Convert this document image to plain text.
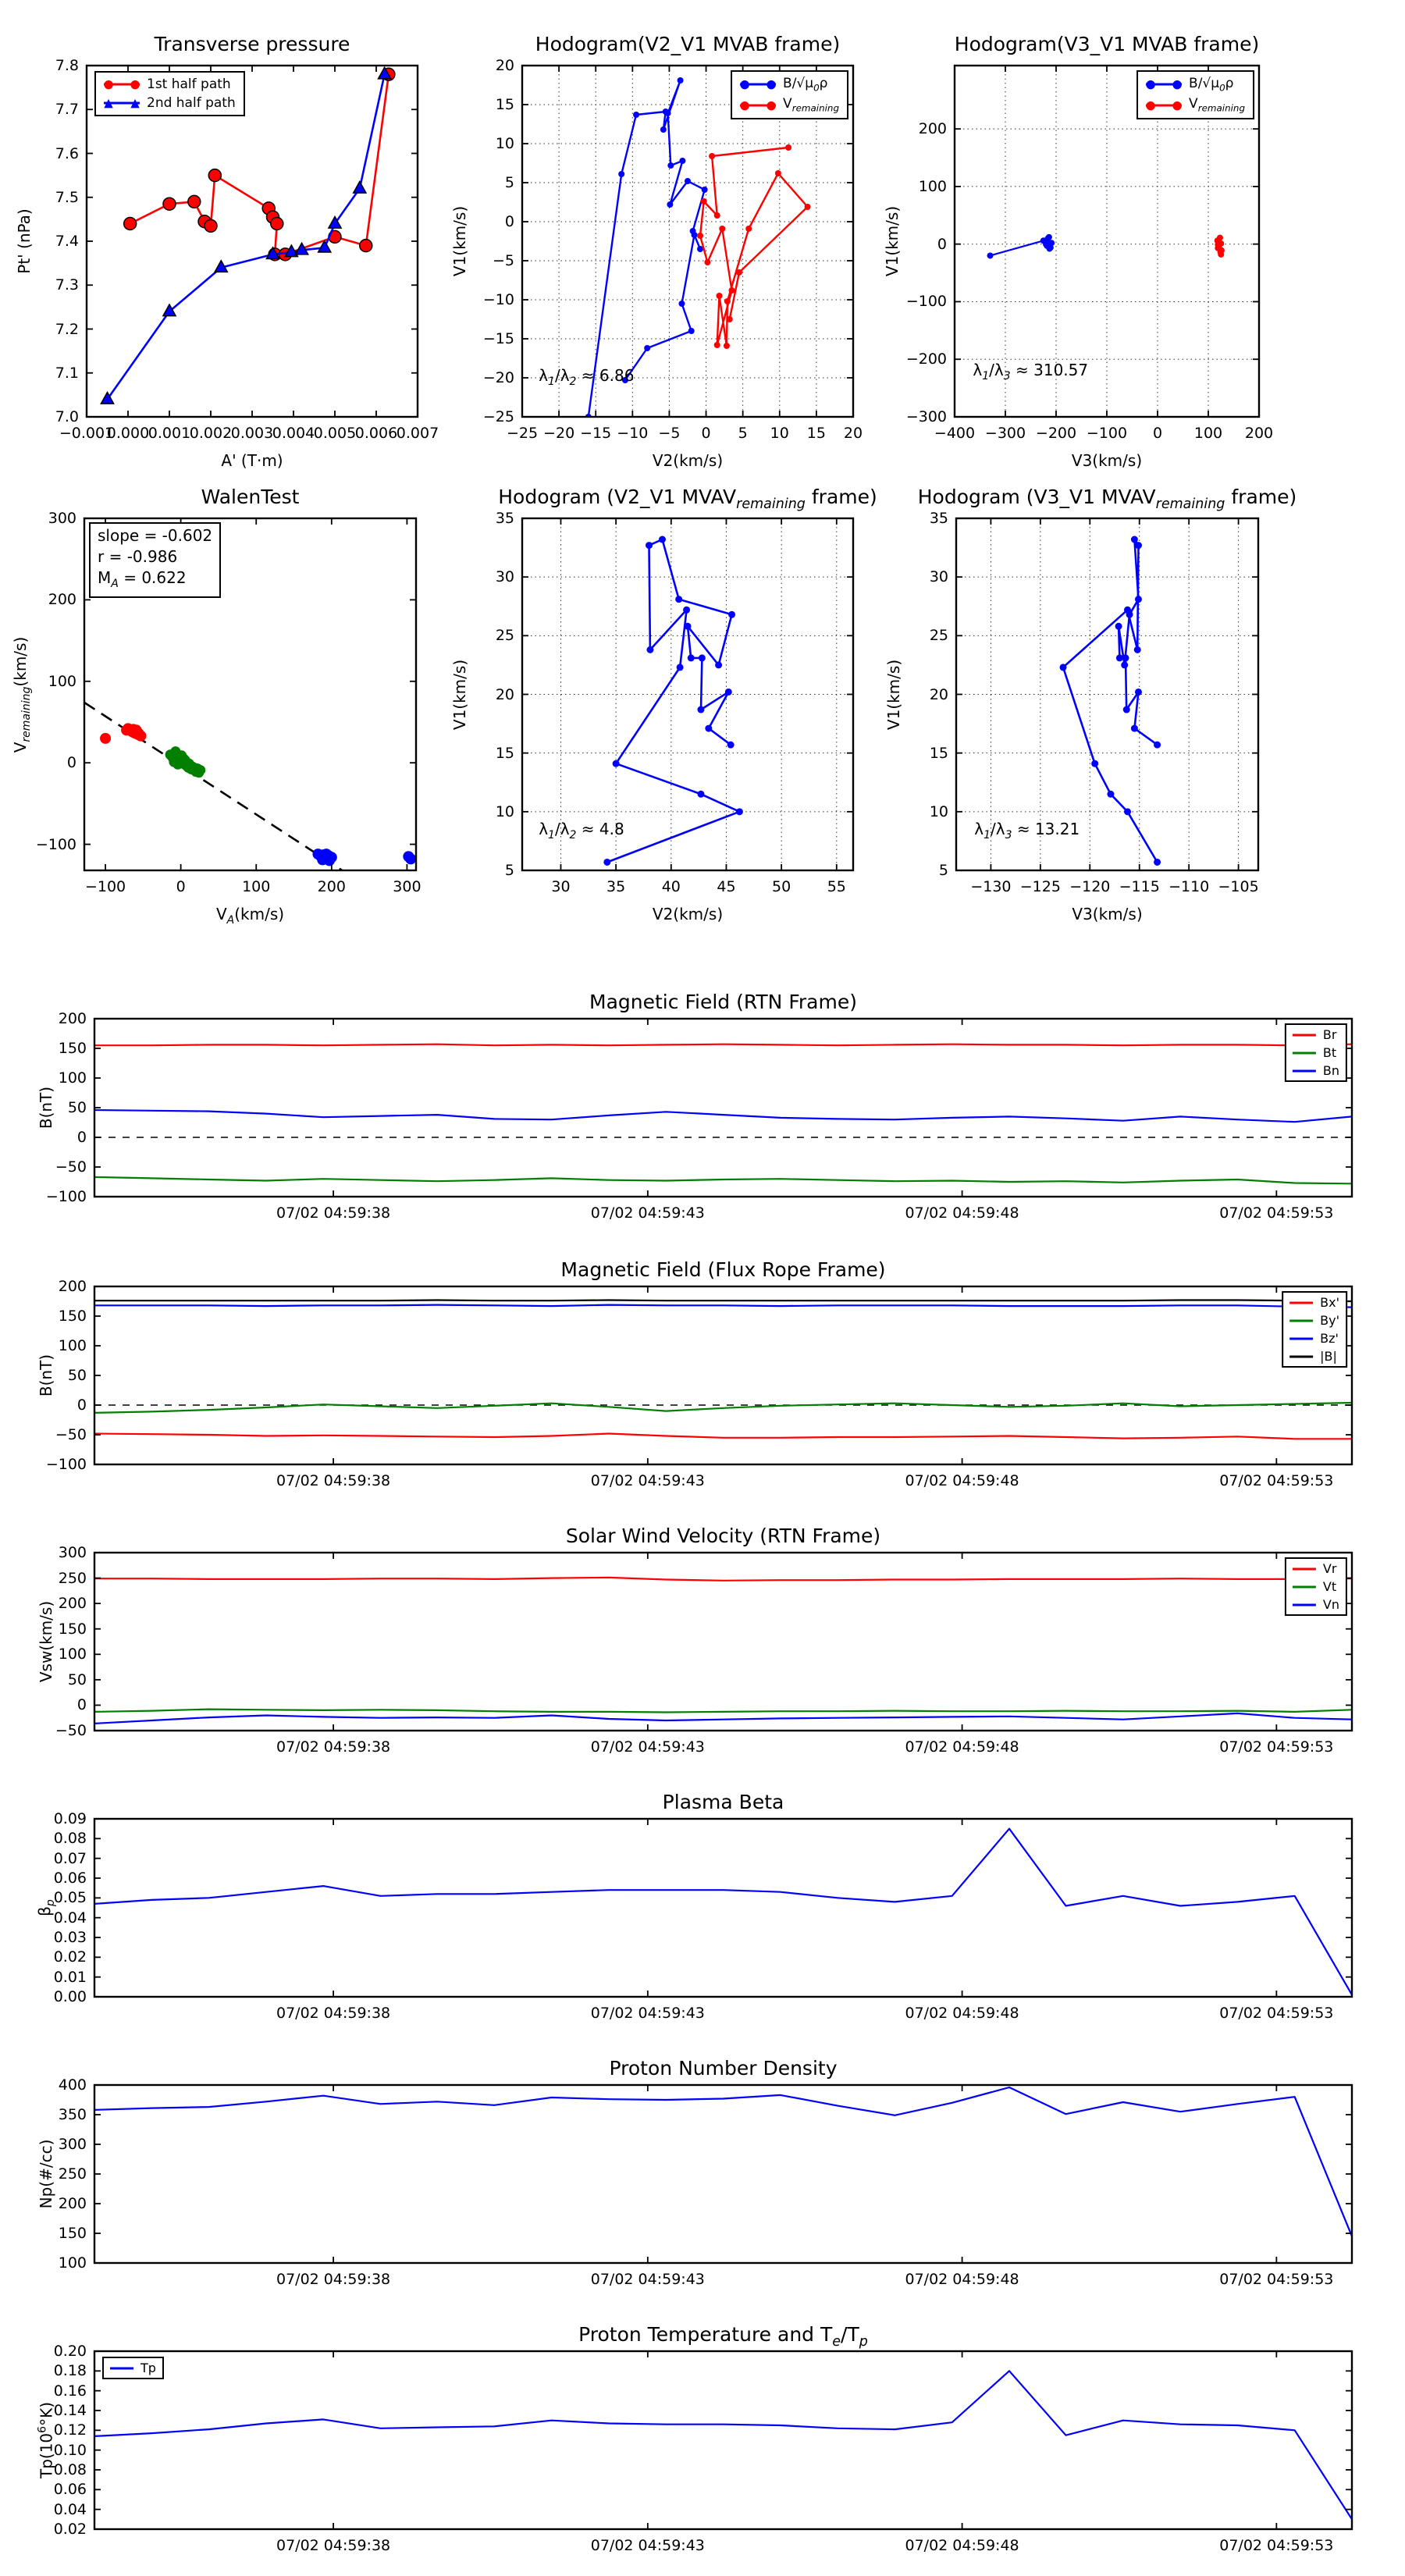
Transverse pressure
A' (T·m)
Pt' (nPa)
−0.001
0.000
0.001
0.002
0.003
0.004
0.005
0.006
0.007
7.0
7.1
7.2
7.3
7.4
7.5
7.6
7.7
7.8
● ● 1st half path
▲ ▲ 2nd half path
Hodogram(V2_V1 MVAB frame)
V2(km/s)
V1(km/s)
−25 −20 −15 −10 −5 0 5 10 15 20
−25
−20
−15
−10
−5
0
5
10
15
20
$\lambda_1/\lambda_2 \approx 6.86$
● ● $B/√\mu_0\rho$
● ● $V_{remaining}$
Hodogram(V3_V1 MVAB frame)
V3(km/s)
V1(km/s)
−400 −300 −200 −100 0 100 200
−300
−200
−100
0
100
200
$\lambda_1/\lambda_3 \approx 310.57$
● ● $B/√\mu_0\rho$
● ● $V_{remaining}$
WalenTest
$V_A(km/s)$
$V_{remaining}(km/s)$
−100	0	100	200	300
−100
0
100
200
300
slope = -0.602
r = -0.986
$M_A = 0.622$
Hodogram (V2_V1 $MVAV_{remaining}$ frame)
V2(km/s)
V1(km/s)
30 35 40 45 50 55
5
10
15
20
25
30
35
$\lambda_1/\lambda_2 \approx 4.8$
Hodogram (V3_V1 $MVAV_{remaining}$ frame)
V3(km/s)
V1(km/s)
−130 −125 −120 −115 −110 −105
5
10
15
20
25
30
35
$\lambda_1/\lambda_3 \approx 13.21$
Magnetic Field (RTN Frame)
B(nT)
07/02 04:59:38	07/02 04:59:43	07/02 04:59:48	07/02 04:59:53
−100
−50
0
50
100
150
200
Br
Bt
Bn
Magnetic Field (Flux Rope Frame)
B(nT)
07/02 04:59:38	07/02 04:59:43	07/02 04:59:48	07/02 04:59:53
−100
−50
0
50
100
150
200
Bx'
By'
Bz'
|B|
Solar Wind Velocity (RTN Frame)
Vsw(km/s)
07/02 04:59:38	07/02 04:59:43	07/02 04:59:48	07/02 04:59:53
−50
0
50
100
150
200
250
300
Vr
Vt
Vn
Plasma Beta
$\beta_p$
07/02 04:59:38	07/02 04:59:43	07/02 04:59:48	07/02 04:59:53
0.00
0.01
0.02
0.03
0.04
0.05
0.06
0.07
0.08
0.09
Proton Number Density
Np(#/cc)
07/02 04:59:38	07/02 04:59:43	07/02 04:59:48	07/02 04:59:53
100
150
200
250
300
350
400
Proton Temperature and $T_e/T_p$
$Tp(10^6^\circ K)$
07/02 04:59:38	07/02 04:59:43	07/02 04:59:48	07/02 04:59:53
0.02
0.04
0.06
0.08
0.10
0.12
0.14
0.16
0.18
0.20
Tp
